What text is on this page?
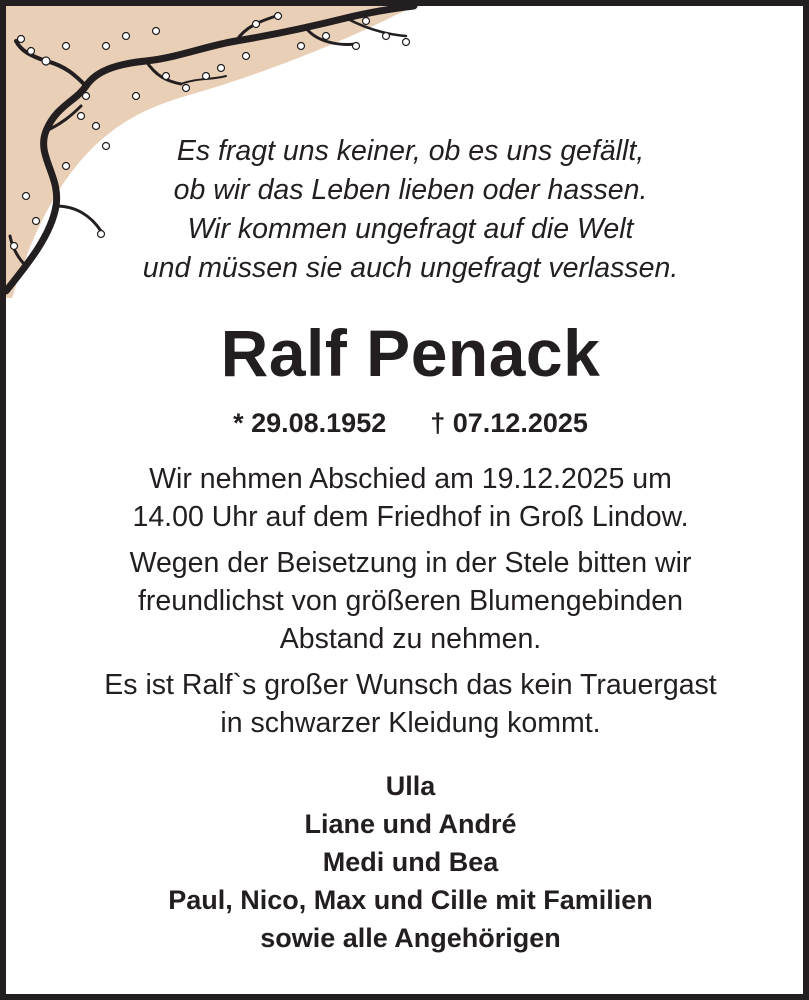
Es fragt uns keiner, ob es uns gefällt,
ob wir das Leben lieben oder hassen.
Wir kommen ungefragt auf die Welt
und müssen sie auch ungefragt verlassen.
Ralf Penack
* 29.08.1952 † 07.12.2025
Wir nehmen Abschied am 19.12.2025 um
14.00 Uhr auf dem Friedhof in Groß Lindow.
Wegen der Beisetzung in der Stele bitten wir
freundlichst von größeren Blumengebinden
Abstand zu nehmen.
Es ist Ralf`s großer Wunsch das kein Trauergast
in schwarzer Kleidung kommt.
Ulla
Liane und André
Medi und Bea
Paul, Nico, Max und Cille mit Familien
sowie alle Angehörigen
